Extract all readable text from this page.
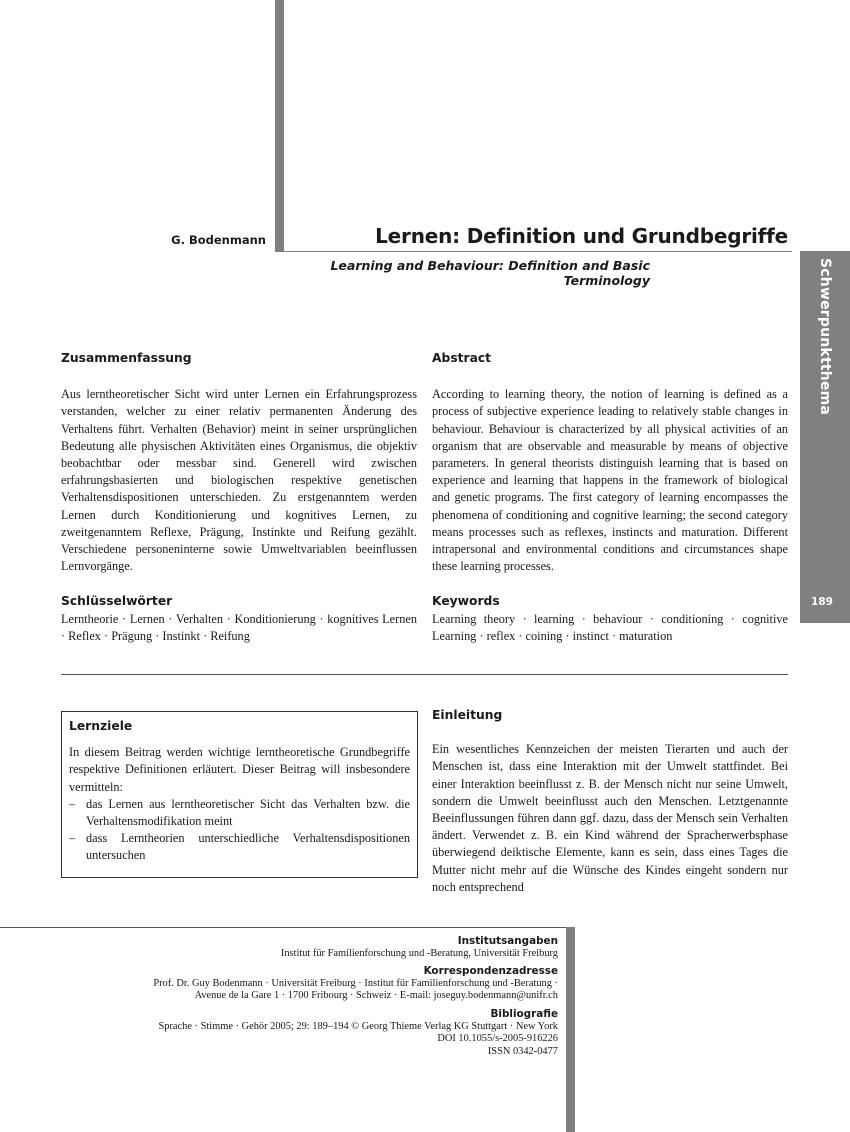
G. Bodenmann	Lernen: Definition und Grundbegriffe
Learning and Behaviour: Definition and Basic Terminology	Schwerpunktthema
189
Zusammenfassung
Aus lerntheoretischer Sicht wird unter Lernen ein Erfahrungsprozess verstanden, welcher zu einer relativ permanenten Änderung des Verhaltens führt. Verhalten (Behavior) meint in seiner ursprünglichen Bedeutung alle physischen Aktivitäten eines Organismus, die objektiv beobachtbar oder messbar sind. Generell wird zwischen erfahrungsbasierten und biologischen respektive genetischen Verhaltensdispositionen unterschieden. Zu erstgenanntem werden Lernen durch Konditionierung und kognitives Lernen, zu zweitgenanntem Reflexe, Prägung, Instinkte und Reifung gezählt. Verschiedene personeninterne sowie Umweltvariablen beeinflussen Lernvorgänge.
Schlüsselwörter
Lerntheorie · Lernen · Verhalten · Konditionierung · kognitives Lernen · Reflex · Prägung · Instinkt · Reifung
Abstract
According to learning theory, the notion of learning is defined as a process of subjective experience leading to relatively stable changes in behaviour. Behaviour is characterized by all physical activities of an organism that are observable and measurable by means of objective parameters. In general theorists distinguish learning that is based on experience and learning that happens in the framework of biological and genetic programs. The first category of learning encompasses the phenomena of conditioning and cognitive learning; the second category means processes such as reflexes, instincts and maturation. Different intrapersonal and environmental conditions and circumstances shape these learning processes.
Keywords
Learning theory · learning · behaviour · conditioning · cognitive Learning · reflex · coining · instinct · maturation
Lernziele
In diesem Beitrag werden wichtige lerntheoretische Grundbegriffe respektive Definitionen erläutert. Dieser Beitrag will insbesondere vermitteln:
– das Lernen aus lerntheoretischer Sicht das Verhalten bzw. die Verhaltensmodifikation meint
– dass Lerntheorien unterschiedliche Verhaltensdispositionen untersuchen
Einleitung
Ein wesentliches Kennzeichen der meisten Tierarten und auch der Menschen ist, dass eine Interaktion mit der Umwelt stattfindet. Bei einer Interaktion beeinflusst z. B. der Mensch nicht nur seine Umwelt, sondern die Umwelt beeinflusst auch den Menschen. Letztgenannte Beeinflussungen führen dann ggf. dazu, dass der Mensch sein Verhalten ändert. Verwendet z. B. ein Kind während der Spracherwerbsphase überwiegend deiktische Elemente, kann es sein, dass eines Tages die Mutter nicht mehr auf die Wünsche des Kindes eingeht sondern nur noch entsprechend
Institutsangaben
Institut für Familienforschung und -Beratung, Universität Freiburg
Korrespondenzadresse
Prof. Dr. Guy Bodenmann · Universität Freiburg · Institut für Familienforschung und -Beratung ·
Avenue de la Gare 1 · 1700 Fribourg · Schweiz · E-mail: joseguy.bodenmann@unifr.ch
Bibliografie
Sprache · Stimme · Gehör 2005; 29: 189–194 © Georg Thieme Verlag KG Stuttgart · New York
DOI 10.1055/s-2005-916226
ISSN 0342-0477
